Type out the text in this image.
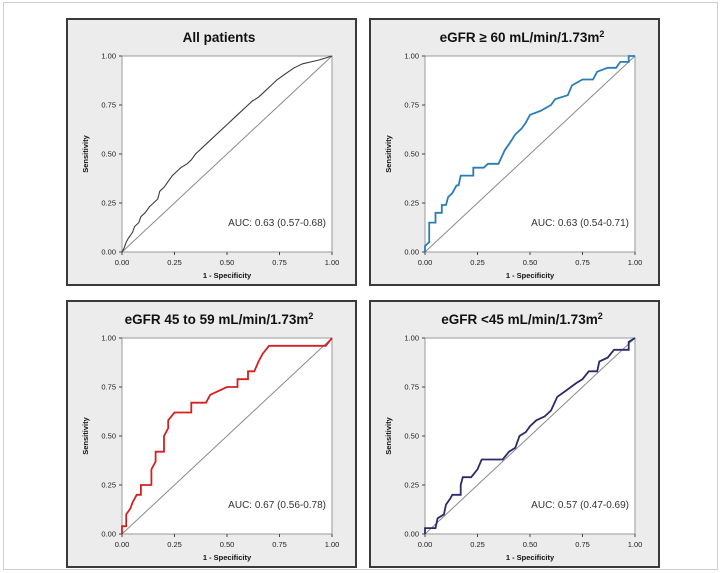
All patients
0.00	0.25	0.50	0.75	1.00
0.00
0.25
0.50
0.75
1.00
1 - Specificity
Sensitivity
AUC: 0.63 (0.57-0.68)
eGFR ≥ 60 $mL/\min/1.73m^2$
0.00	0.25	0.50	0.75	1.00
0.00
0.25
0.50
0.75
1.00
1 - Specificity
Sensitivity
AUC: 0.63 (0.54-0.71)
eGFR 45 to 59 $mL/\min/1.73m^2$
0.00	0.25	0.50	0.75	1.00
0.00
0.25
0.50
0.75
1.00
1 - Specificity
Sensitivity
AUC: 0.67 (0.56-0.78)
eGFR <45 $mL/\min/1.73m^2$
0.00	0.25	0.50	0.75	1.00
0.00
0.25
0.50
0.75
1.00
1 - Specificity
Sensitivity
AUC: 0.57 (0.47-0.69)
